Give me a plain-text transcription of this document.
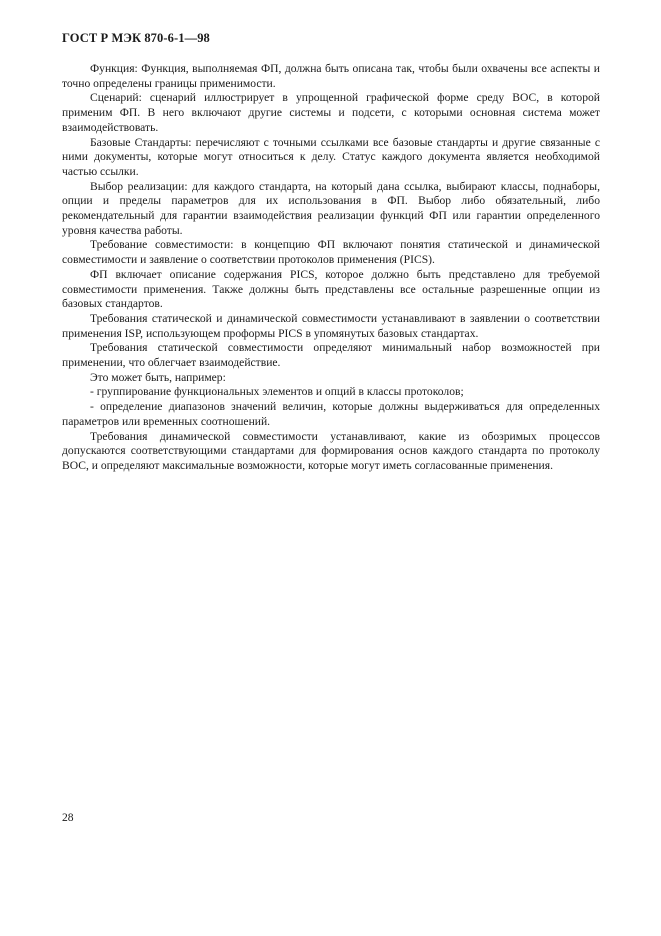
ГОСТ Р МЭК 870-6-1—98

Функция: Функция, выполняемая ФП, должна быть описана так, чтобы были охвачены все аспекты и точно определены границы применимости.

Сценарий: сценарий иллюстрирует в упрощенной графической форме среду ВОС, в которой применим ФП. В него включают другие системы и подсети, с которыми основная система может взаимодействовать.

Базовые Стандарты: перечисляют с точными ссылками все базовые стандарты и другие связанные с ними документы, которые могут относиться к делу. Статус каждого документа является необходимой частью ссылки.

Выбор реализации: для каждого стандарта, на который дана ссылка, выбирают классы, поднаборы, опции и пределы параметров для их использования в ФП. Выбор либо обязательный, либо рекомендательный для гарантии взаимодействия реализации функций ФП или гарантии определенного уровня качества работы.

Требование совместимости: в концепцию ФП включают понятия статической и динамической совместимости и заявление о соответствии протоколов применения (PICS).

ФП включает описание содержания PICS, которое должно быть представлено для требуемой совместимости применения. Также должны быть представлены все остальные разрешенные опции из базовых стандартов.

Требования статической и динамической совместимости устанавливают в заявлении о соответствии применения ISP, использующем проформы PICS в упомянутых базовых стандартах.

Требования статической совместимости определяют минимальный набор возможностей при применении, что облегчает взаимодействие.

Это может быть, например:

- группирование функциональных элементов и опций в классы протоколов;

- определение диапазонов значений величин, которые должны выдерживаться для определенных параметров или временных соотношений.

Требования динамической совместимости устанавливают, какие из обозримых процессов допускаются соответствующими стандартами для формирования основ каждого стандарта по протоколу ВОС, и определяют максимальные возможности, которые могут иметь согласованные применения.

28
